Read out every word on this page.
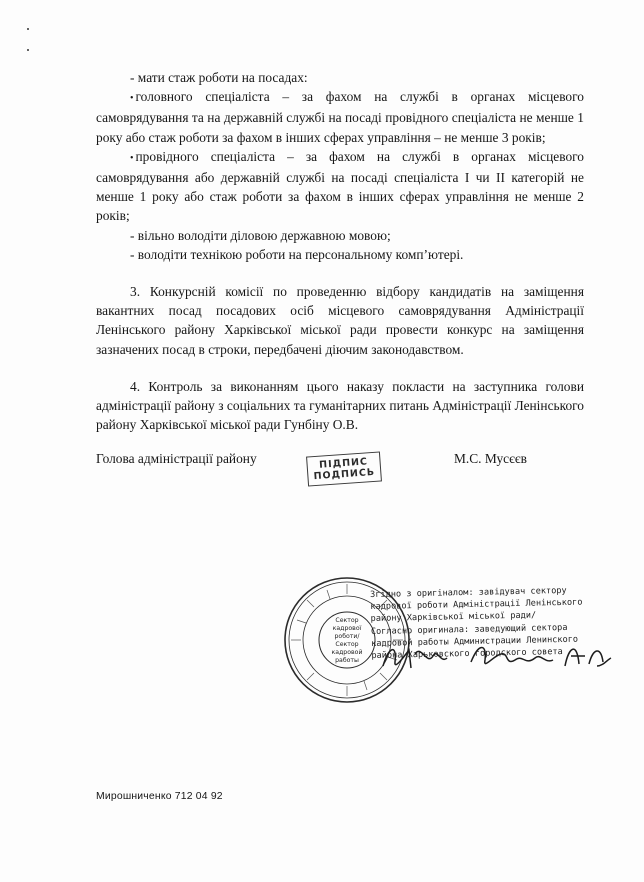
- мати стаж роботи на посадах:

• головного спеціаліста – за фахом на службі в органах місцевого самоврядування та на державній службі на посаді провідного спеціаліста не менше 1 року або стаж роботи за фахом в інших сферах управління – не менше 3 років;

• провідного спеціаліста – за фахом на службі в органах місцевого самоврядування або державній службі на посаді спеціаліста I чи II категорій не менше 1 року або стаж роботи за фахом в інших сферах управління не менше 2 років;

- вільно володіти діловою державною мовою;

- володіти технікою роботи на персональному комп’ютері.

3. Конкурсній комісії по проведенню відбору кандидатів на заміщення вакантних посад посадових осіб місцевого самоврядування Адміністрації Ленінського району Харківської міської ради провести конкурс на заміщення зазначених посад в строки, передбачені діючим законодавством.

4. Контроль за виконанням цього наказу покласти на заступника голови адміністрації району з соціальних та гуманітарних питань Адміністрації Ленінського району Харківської міської ради Гунбіну О.В.

Голова адміністрації району	М.С. Мусєєв
ПІДПИС
ПОДПИСЬ
Сектор
кадрової
роботи/
Сектор
кадровой
работы
Згідно з оригіналом: завідувач сектору
кадрової роботи Адміністрації Ленінського
району Харківської міської ради/
Согласно оригинала: заведующий сектора
кадровой работы Администрации Ленинского
района Харьковского городского совета
Мирошниченко 712 04 92
